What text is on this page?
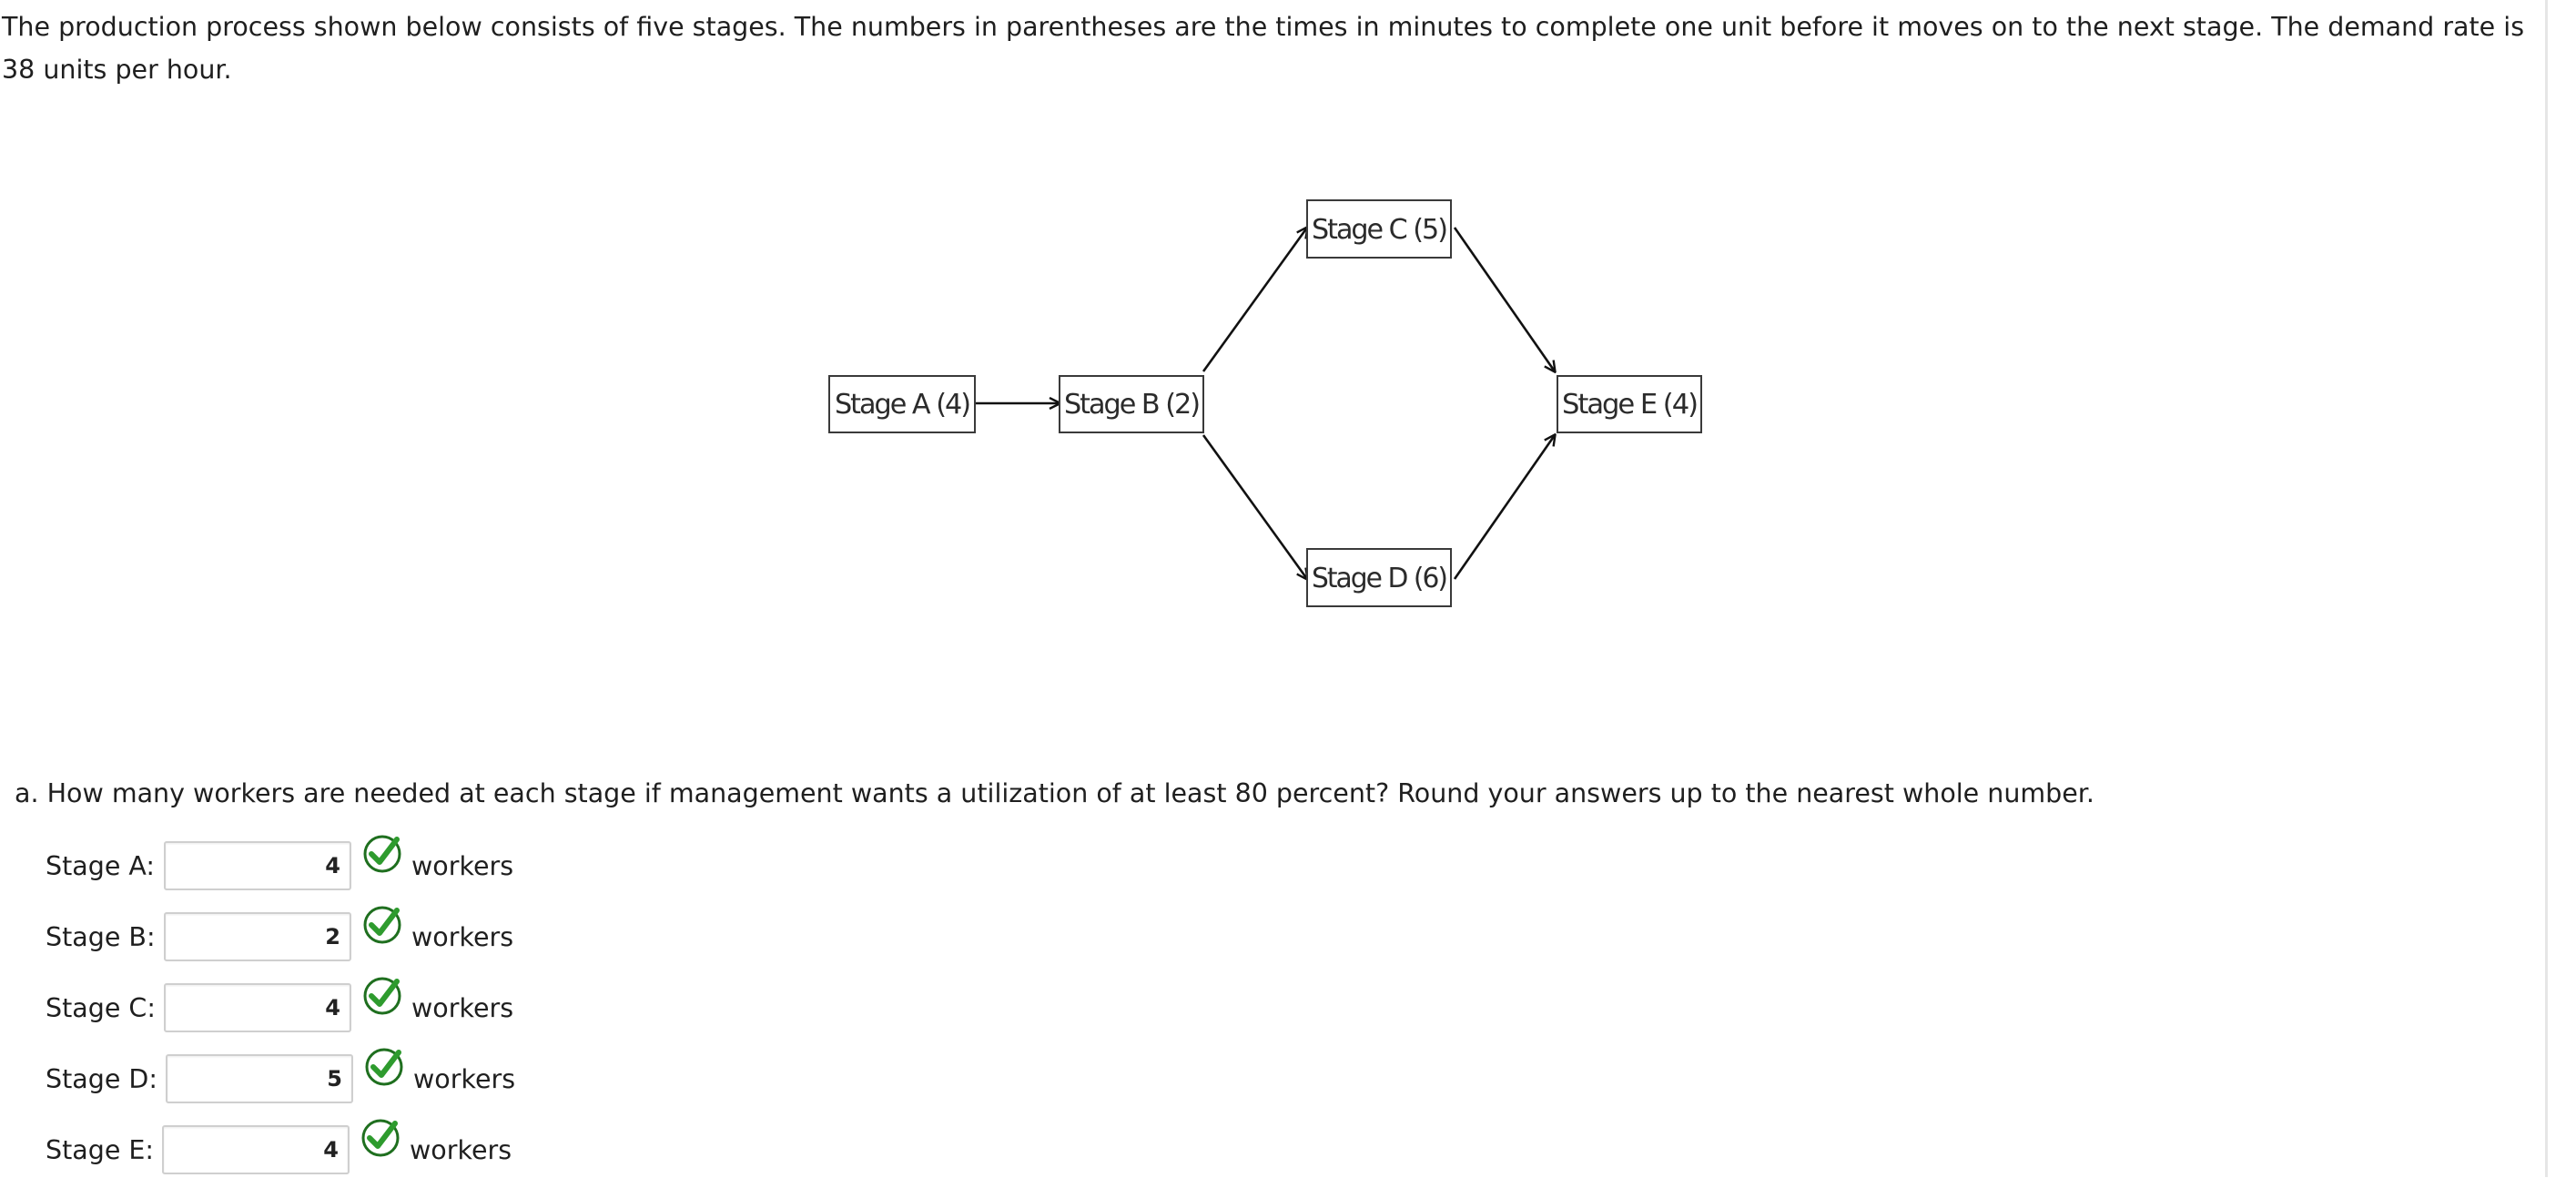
The production process shown below consists of five stages. The numbers in parentheses are the times in minutes to complete one unit before it moves on to the next stage. The demand rate is 38 units per hour.

Stage A (4)	Stage B (2)
Stage C (5)
Stage D (6)
Stage E (4)

a. How many workers are needed at each stage if management wants a utilization of at least 80 percent? Round your answers up to the nearest whole number.

Stage A:
4	workers
Stage B:
2	workers
Stage C:
4	workers
Stage D:
5	workers
Stage E:
4	workers
